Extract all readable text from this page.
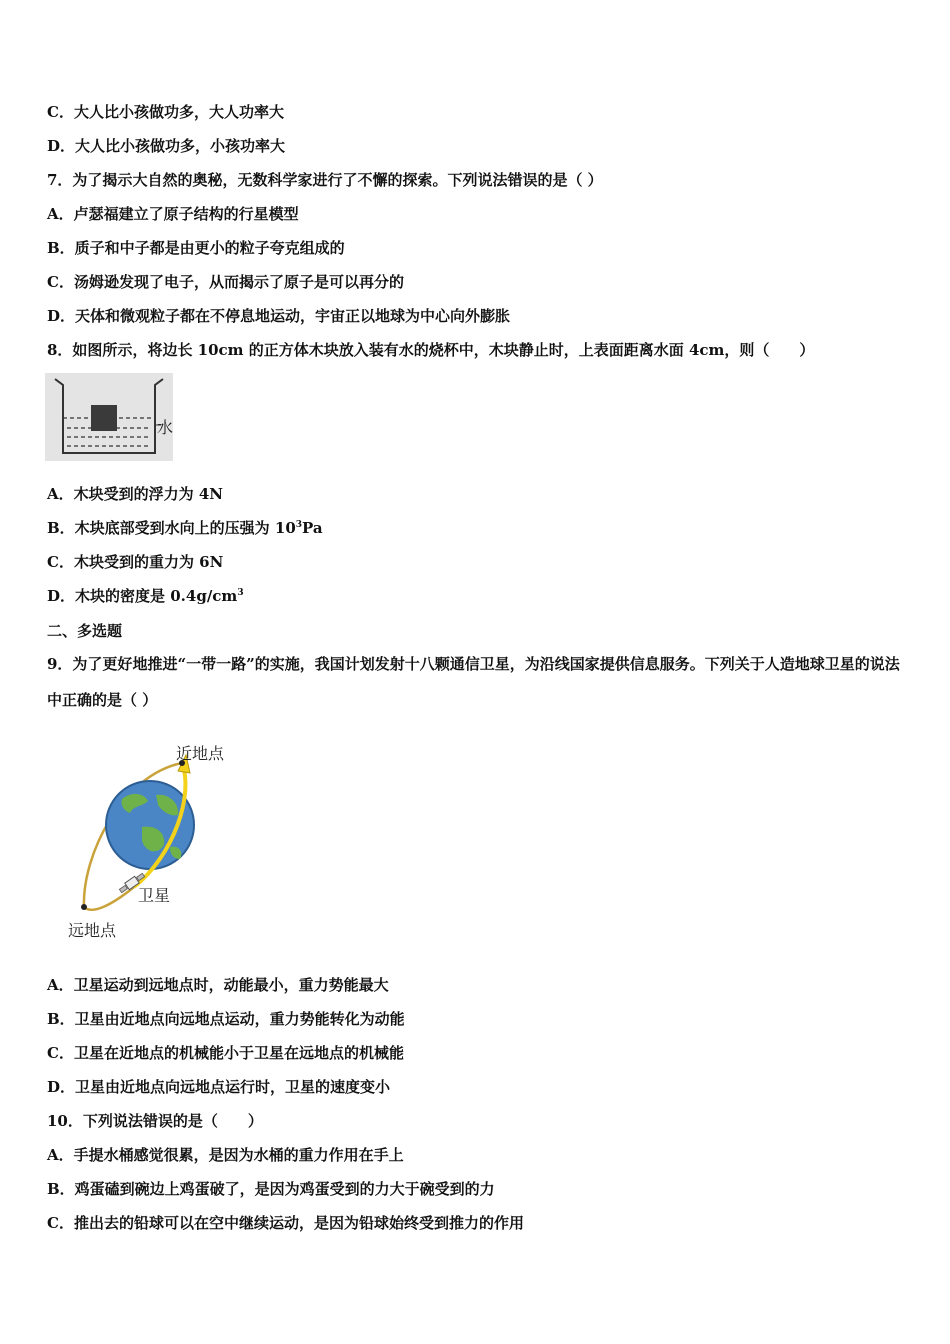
C．大人比小孩做功多，大人功率大
D．大人比小孩做功多，小孩功率大
7．为了揭示大自然的奥秘，无数科学家进行了不懈的探索。下列说法错误的是（ ）
A．卢瑟福建立了原子结构的行星模型
B．质子和中子都是由更小的粒子夸克组成的
C．汤姆逊发现了电子，从而揭示了原子是可以再分的
D．天体和微观粒子都在不停息地运动，宇宙正以地球为中心向外膨胀
8．如图所示，将边长 10cm 的正方体木块放入装有水的烧杯中，木块静止时，上表面距离水面 4cm，则（　　）
水
A．木块受到的浮力为 4N
B．木块底部受到水向上的压强为 $10^3Pa$
C．木块受到的重力为 6N
D．木块的密度是 $0.4g/cm^3$
二、多选题
9．为了更好地推进“一带一路”的实施，我国计划发射十八颗通信卫星，为沿线国家提供信息服务。下列关于人造地球卫星的说法中正确的是（ ）
近地点
卫星
远地点
A．卫星运动到远地点时，动能最小，重力势能最大
B．卫星由近地点向远地点运动，重力势能转化为动能
C．卫星在近地点的机械能小于卫星在远地点的机械能
D．卫星由近地点向远地点运行时，卫星的速度变小
10．下列说法错误的是（　　）
A．手提水桶感觉很累，是因为水桶的重力作用在手上
B．鸡蛋磕到碗边上鸡蛋破了，是因为鸡蛋受到的力大于碗受到的力
C．推出去的铅球可以在空中继续运动，是因为铅球始终受到推力的作用
